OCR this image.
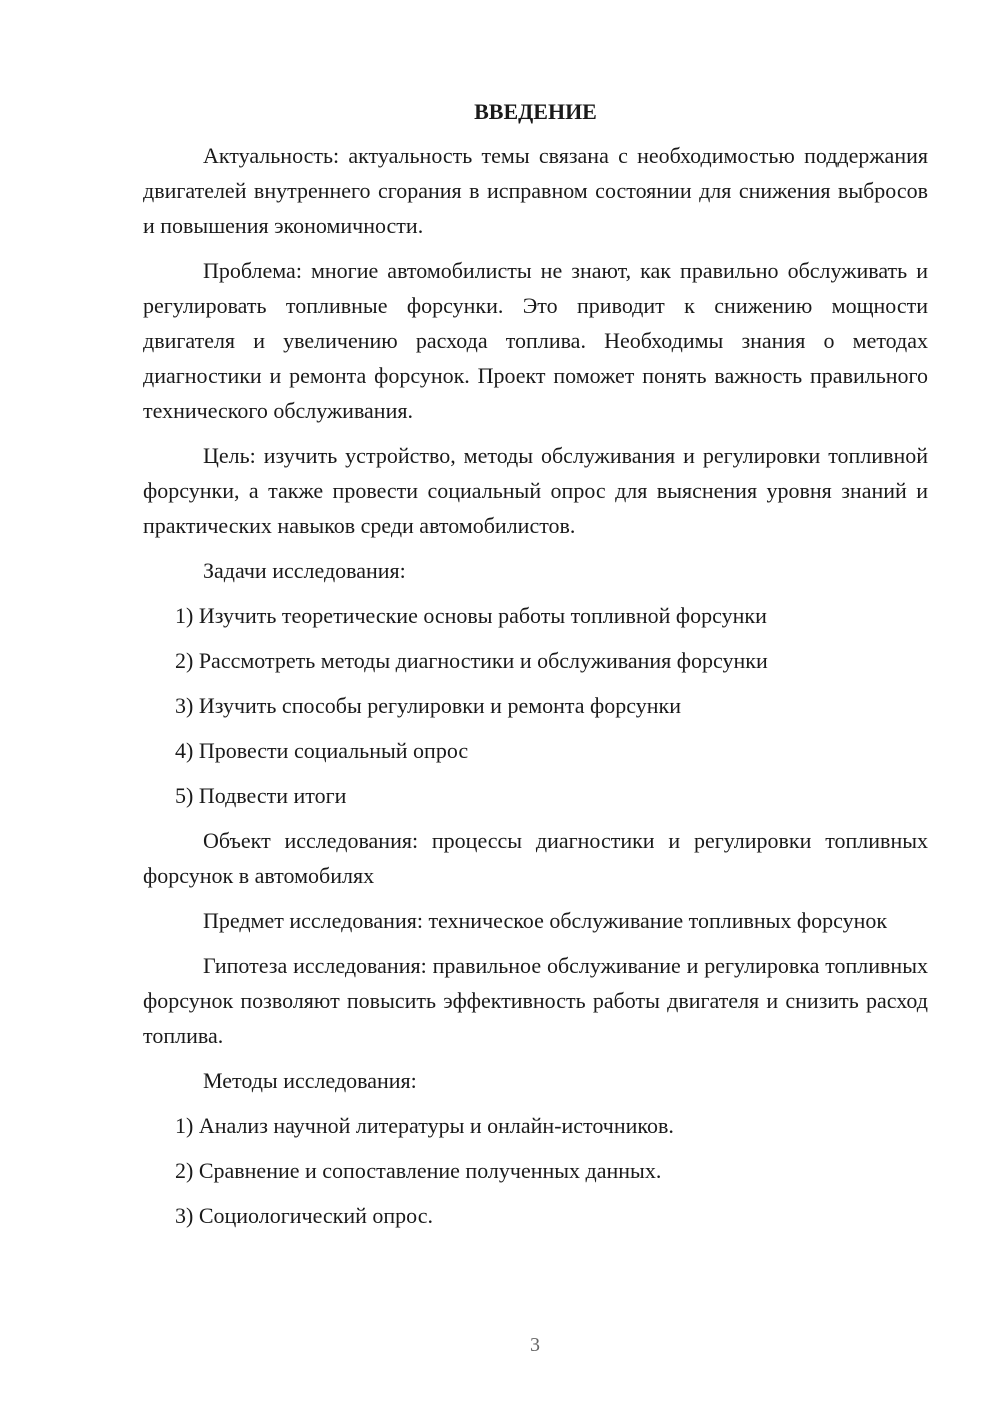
ВВЕДЕНИЕ

Актуальность: актуальность темы связана с необходимостью поддержания двигателей внутреннего сгорания в исправном состоянии для снижения выбросов и повышения экономичности.

Проблема: многие автомобилисты не знают, как правильно обслуживать и регулировать топливные форсунки. Это приводит к снижению мощности двигателя и увеличению расхода топлива. Необходимы знания о методах диагностики и ремонта форсунок. Проект поможет понять важность правильного технического обслуживания.

Цель: изучить устройство, методы обслуживания и регулировки топливной форсунки, а также провести социальный опрос для выяснения уровня знаний и практических навыков среди автомобилистов.

Задачи исследования:
1) Изучить теоретические основы работы топливной форсунки
2) Рассмотреть методы диагностики и обслуживания форсунки
3) Изучить способы регулировки и ремонта форсунки
4) Провести социальный опрос
5) Подвести итоги

Объект исследования: процессы диагностики и регулировки топливных форсунок в автомобилях

Предмет исследования: техническое обслуживание топливных форсунок

Гипотеза исследования: правильное обслуживание и регулировка топливных форсунок позволяют повысить эффективность работы двигателя и снизить расход топлива.

Методы исследования:
1) Анализ научной литературы и онлайн-источников.
2) Сравнение и сопоставление полученных данных.
3) Социологический опрос.
3
